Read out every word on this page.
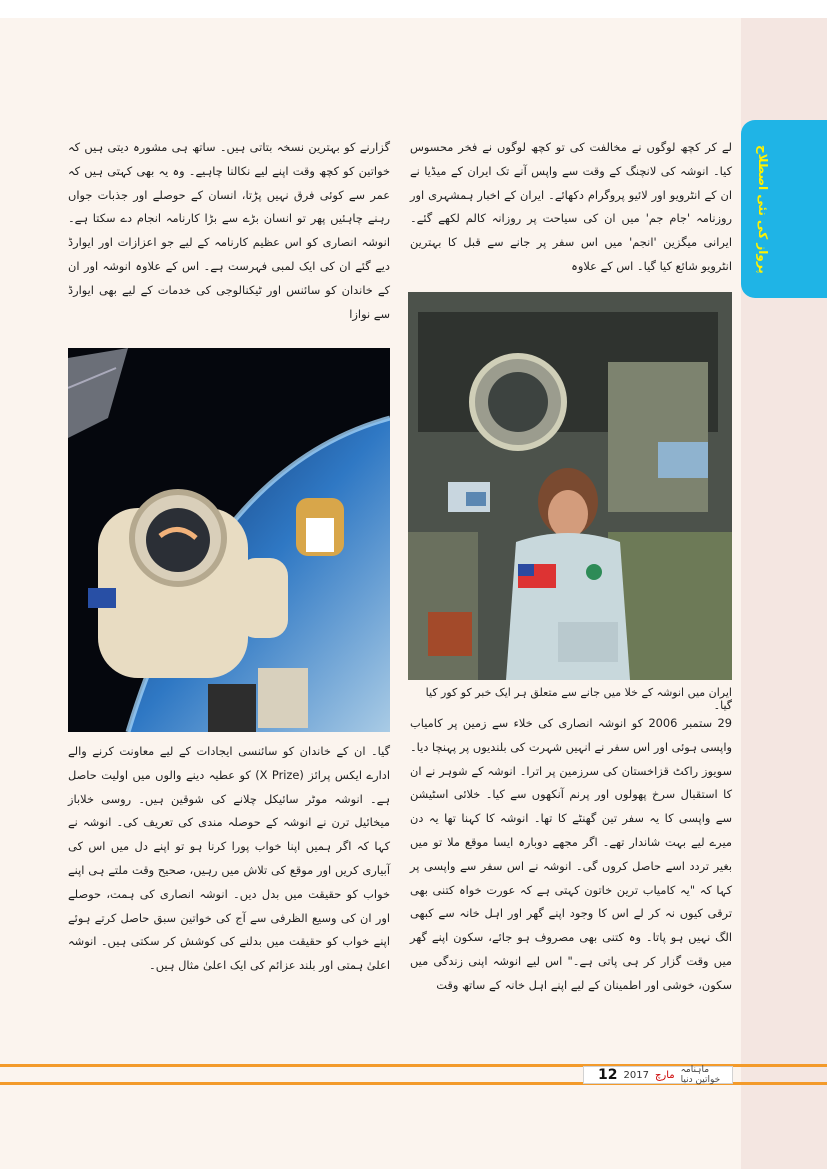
پرواز کی نئی اصطلاح

لے کر کچھ لوگوں نے مخالفت کی تو کچھ لوگوں نے فخر محسوس کیا۔ انوشہ کی لانچنگ کے وقت سے واپس آنے تک ایران کے میڈیا نے ان کے انٹرویو اور لائیو پروگرام دکھائے۔ ایران کے اخبار ہمشہری اور روزنامہ 'جام جم' میں ان کی سیاحت پر روزانہ کالم لکھے گئے۔ ایرانی میگزین 'انجم' میں اس سفر پر جانے سے قبل کا بہترین انٹرویو شائع کیا گیا۔ اس کے علاوہ

ایران میں انوشہ کے خلا میں جانے سے متعلق ہر ایک خبر کو کور کیا گیا۔

29 ستمبر 2006 کو انوشہ انصاری کی خلاء سے زمین پر کامیاب واپسی ہوئی اور اس سفر نے انہیں شہرت کی بلندیوں پر پہنچا دیا۔ سویوز راکٹ قزاخستان کی سرزمین پر اترا۔ انوشہ کے شوہر نے ان کا استقبال سرخ پھولوں اور پرنم آنکھوں سے کیا۔ خلائی اسٹیشن سے واپسی کا یہ سفر تین گھنٹے کا تھا۔ انوشہ کا کہنا تھا یہ دن میرے لیے بہت شاندار تھے۔ اگر مجھے دوبارہ ایسا موقع ملا تو میں بغیر تردد اسے حاصل کروں گی۔ انوشہ نے اس سفر سے واپسی پر کہا کہ "یہ کامیاب ترین خاتون کہتی ہے کہ عورت خواہ کتنی بھی ترقی کیوں نہ کر لے اس کا وجود اپنے گھر اور اہل خانہ سے کبھی الگ نہیں ہو پاتا۔ وہ کتنی بھی مصروف ہو جائے، سکون اپنے گھر میں وقت گزار کر ہی پاتی ہے۔" اس لیے انوشہ اپنی زندگی میں سکون، خوشی اور اطمینان کے لیے اپنے اہل خانہ کے ساتھ وقت

گزارنے کو بہترین نسخہ بتاتی ہیں۔ ساتھ ہی مشورہ دیتی ہیں کہ خواتین کو کچھ وقت اپنے لیے نکالنا چاہیے۔ وہ یہ بھی کہتی ہیں کہ عمر سے کوئی فرق نہیں پڑتا، انسان کے حوصلے اور جذبات جواں رہنے چاہئیں پھر تو انسان بڑے سے بڑا کارنامہ انجام دے سکتا ہے۔ انوشہ انصاری کو اس عظیم کارنامہ کے لیے جو اعزازات اور ایوارڈ دیے گئے ان کی ایک لمبی فہرست ہے۔ اس کے علاوہ انوشہ اور ان کے خاندان کو سائنس اور ٹیکنالوجی کی خدمات کے لیے بھی ایوارڈ سے نوازا

گیا۔ ان کے خاندان کو سائنسی ایجادات کے لیے معاونت کرنے والے ادارے ایکس پرائز (X Prize) کو عطیہ دینے والوں میں اولیت حاصل ہے۔ انوشہ موٹر سائیکل چلانے کی شوقین ہیں۔ روسی خلاباز میخائیل ترن نے انوشہ کے حوصلہ مندی کی تعریف کی۔ انوشہ نے کہا کہ اگر ہمیں اپنا خواب پورا کرنا ہو تو اپنے دل میں اس کی آبیاری کریں اور موقع کی تلاش میں رہیں، صحیح وقت ملتے ہی اپنے خواب کو حقیقت میں بدل دیں۔ انوشہ انصاری کی ہمت، حوصلے اور ان کی وسیع الظرفی سے آج کی خواتین سبق حاصل کرتے ہوئے اپنے خواب کو حقیقت میں بدلنے کی کوشش کر سکتی ہیں۔ انوشہ اعلیٰ ہمتی اور بلند عزائم کی ایک اعلیٰ مثال ہیں۔

12 2017 مارچ ماہنامہ خواتین دنیا
